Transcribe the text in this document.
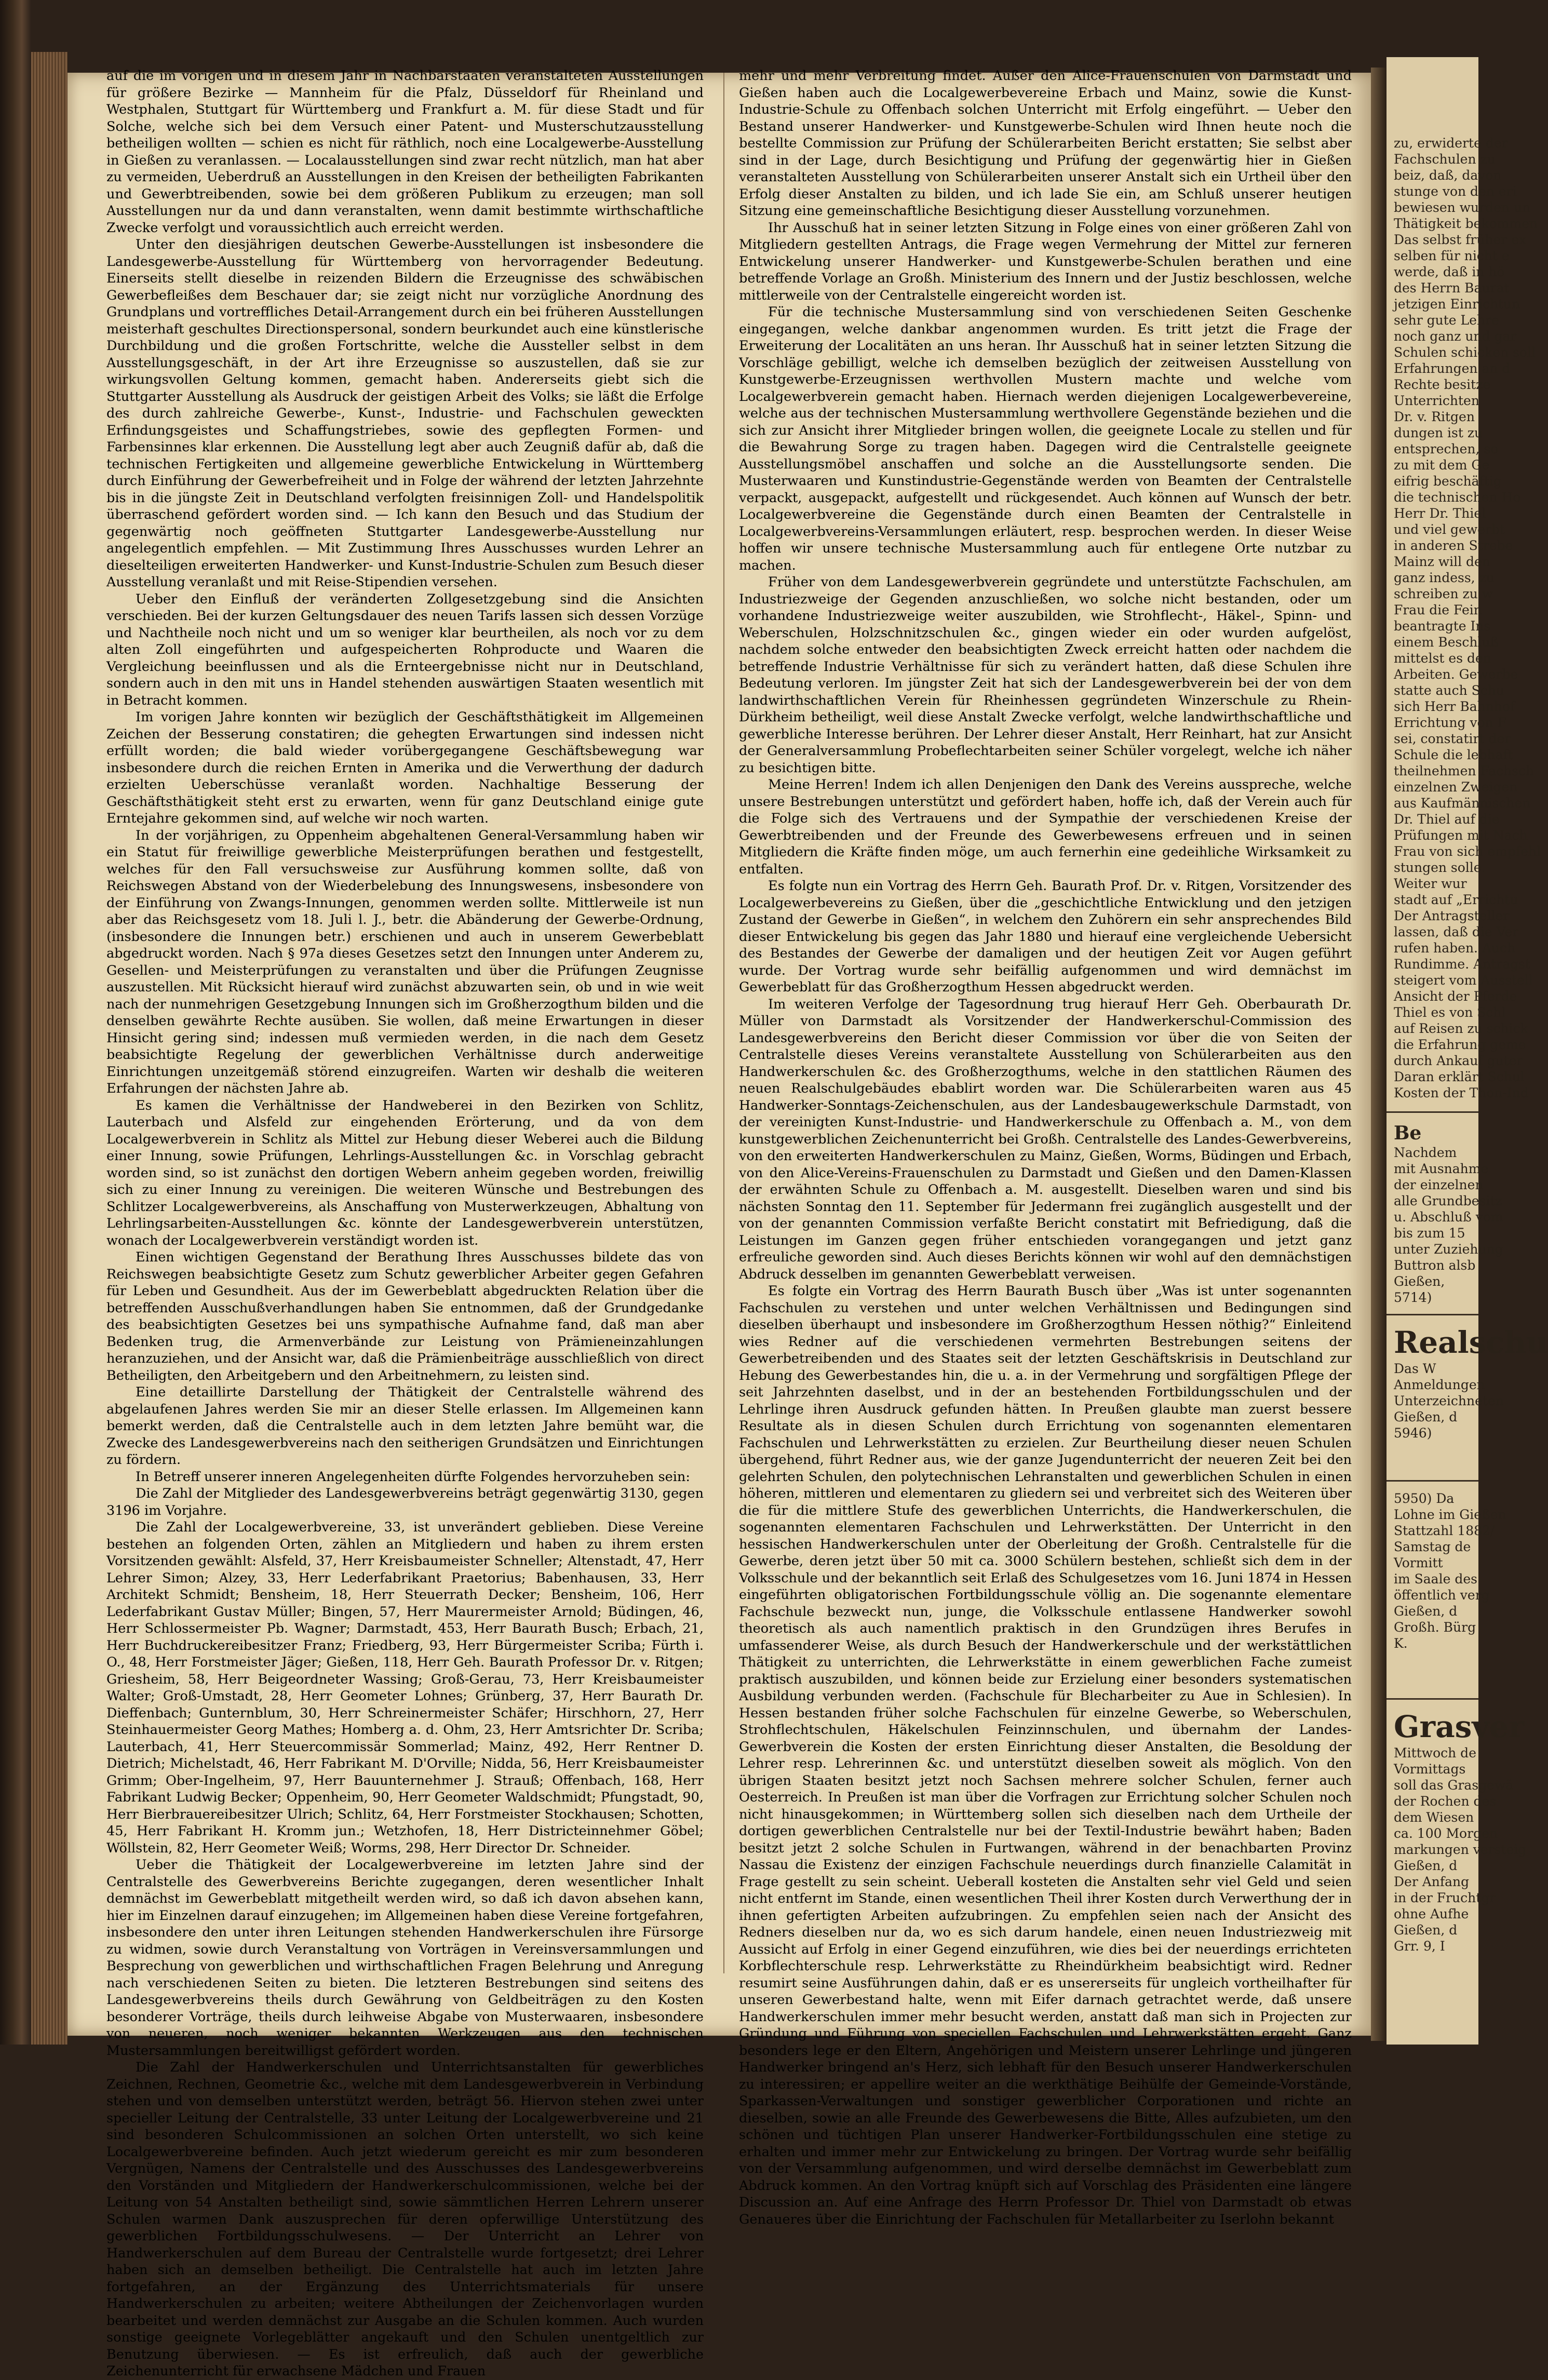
auf die im vorigen und in diesem Jahr in Nachbarstaaten veranstalteten Ausstellungen für größere Bezirke — Mannheim für die Pfalz, Düsseldorf für Rheinland und Westphalen, Stuttgart für Württemberg und Frankfurt a. M. für diese Stadt und für Solche, welche sich bei dem Versuch einer Patent- und Musterschutzausstellung betheiligen wollten — schien es nicht für räthlich, noch eine Localgewerbe-Ausstellung in Gießen zu veranlassen. — Localausstellungen sind zwar recht nützlich, man hat aber zu vermeiden, Ueberdruß an Ausstellungen in den Kreisen der betheiligten Fabrikanten und Gewerbtreibenden, sowie bei dem größeren Publikum zu erzeugen; man soll Ausstellungen nur da und dann veranstalten, wenn damit bestimmte wirthschaftliche Zwecke verfolgt und voraussichtlich auch erreicht werden.

Unter den diesjährigen deutschen Gewerbe-Ausstellungen ist insbesondere die Landesgewerbe-Ausstellung für Württemberg von hervorragender Bedeutung. Einerseits stellt dieselbe in reizenden Bildern die Erzeugnisse des schwäbischen Gewerbefleißes dem Beschauer dar; sie zeigt nicht nur vorzügliche Anordnung des Grundplans und vortreffliches Detail-Arrangement durch ein bei früheren Ausstellungen meisterhaft geschultes Directionspersonal, sondern beurkundet auch eine künstlerische Durchbildung und die großen Fortschritte, welche die Aussteller selbst in dem Ausstellungsgeschäft, in der Art ihre Erzeugnisse so auszustellen, daß sie zur wirkungsvollen Geltung kommen, gemacht haben. Andererseits giebt sich die Stuttgarter Ausstellung als Ausdruck der geistigen Arbeit des Volks; sie läßt die Erfolge des durch zahlreiche Gewerbe-, Kunst-, Industrie- und Fachschulen geweckten Erfindungsgeistes und Schaffungstriebes, sowie des gepflegten Formen- und Farbensinnes klar erkennen. Die Ausstellung legt aber auch Zeugniß dafür ab, daß die technischen Fertigkeiten und allgemeine gewerbliche Entwickelung in Württemberg durch Einführung der Gewerbefreiheit und in Folge der während der letzten Jahrzehnte bis in die jüngste Zeit in Deutschland verfolgten freisinnigen Zoll- und Handelspolitik überraschend gefördert worden sind. — Ich kann den Besuch und das Studium der gegenwärtig noch geöffneten Stuttgarter Landesgewerbe-Ausstellung nur angelegentlich empfehlen. — Mit Zustimmung Ihres Ausschusses wurden Lehrer an dieselteiligen erweiterten Handwerker- und Kunst-Industrie-Schulen zum Besuch dieser Ausstellung veranlaßt und mit Reise-Stipendien versehen.

Ueber den Einfluß der veränderten Zollgesetzgebung sind die Ansichten verschieden. Bei der kurzen Geltungsdauer des neuen Tarifs lassen sich dessen Vorzüge und Nachtheile noch nicht und um so weniger klar beurtheilen, als noch vor zu dem alten Zoll eingeführten und aufgespeicherten Rohproducte und Waaren die Vergleichung beeinflussen und als die Ernteergebnisse nicht nur in Deutschland, sondern auch in den mit uns in Handel stehenden auswärtigen Staaten wesentlich mit in Betracht kommen.

Im vorigen Jahre konnten wir bezüglich der Geschäftsthätigkeit im Allgemeinen Zeichen der Besserung constatiren; die gehegten Erwartungen sind indessen nicht erfüllt worden; die bald wieder vorübergegangene Geschäftsbewegung war insbesondere durch die reichen Ernten in Amerika und die Verwerthung der dadurch erzielten Ueberschüsse veranlaßt worden. Nachhaltige Besserung der Geschäftsthätigkeit steht erst zu erwarten, wenn für ganz Deutschland einige gute Erntejahre gekommen sind, auf welche wir noch warten.

In der vorjährigen, zu Oppenheim abgehaltenen General-Versammlung haben wir ein Statut für freiwillige gewerbliche Meisterprüfungen berathen und festgestellt, welches für den Fall versuchsweise zur Ausführung kommen sollte, daß von Reichswegen Abstand von der Wiederbelebung des Innungswesens, insbesondere von der Einführung von Zwangs-Innungen, genommen werden sollte. Mittlerweile ist nun aber das Reichsgesetz vom 18. Juli l. J., betr. die Abänderung der Gewerbe-Ordnung, (insbesondere die Innungen betr.) erschienen und auch in unserem Gewerbeblatt abgedruckt worden. Nach § 97a dieses Gesetzes setzt den Innungen unter Anderem zu, Gesellen- und Meisterprüfungen zu veranstalten und über die Prüfungen Zeugnisse auszustellen. Mit Rücksicht hierauf wird zunächst abzuwarten sein, ob und in wie weit nach der nunmehrigen Gesetzgebung Innungen sich im Großherzogthum bilden und die denselben gewährte Rechte ausüben. Sie wollen, daß meine Erwartungen in dieser Hinsicht gering sind; indessen muß vermieden werden, in die nach dem Gesetz beabsichtigte Regelung der gewerblichen Verhältnisse durch anderweitige Einrichtungen unzeitgemäß störend einzugreifen. Warten wir deshalb die weiteren Erfahrungen der nächsten Jahre ab.

Es kamen die Verhältnisse der Handweberei in den Bezirken von Schlitz, Lauterbach und Alsfeld zur eingehenden Erörterung, und da von dem Localgewerbverein in Schlitz als Mittel zur Hebung dieser Weberei auch die Bildung einer Innung, sowie Prüfungen, Lehrlings-Ausstellungen &c. in Vorschlag gebracht worden sind, so ist zunächst den dortigen Webern anheim gegeben worden, freiwillig sich zu einer Innung zu vereinigen. Die weiteren Wünsche und Bestrebungen des Schlitzer Localgewerbvereins, als Anschaffung von Musterwerkzeugen, Abhaltung von Lehrlingsarbeiten-Ausstellungen &c. könnte der Landesgewerbverein unterstützen, wonach der Localgewerbverein verständigt worden ist.

Einen wichtigen Gegenstand der Berathung Ihres Ausschusses bildete das von Reichswegen beabsichtigte Gesetz zum Schutz gewerblicher Arbeiter gegen Gefahren für Leben und Gesundheit. Aus der im Gewerbeblatt abgedruckten Relation über die betreffenden Ausschußverhandlungen haben Sie entnommen, daß der Grundgedanke des beabsichtigten Gesetzes bei uns sympathische Aufnahme fand, daß man aber Bedenken trug, die Armenverbände zur Leistung von Prämieneinzahlungen heranzuziehen, und der Ansicht war, daß die Prämienbeiträge ausschließlich von direct Betheiligten, den Arbeitgebern und den Arbeitnehmern, zu leisten sind.

Eine detaillirte Darstellung der Thätigkeit der Centralstelle während des abgelaufenen Jahres werden Sie mir an dieser Stelle erlassen. Im Allgemeinen kann bemerkt werden, daß die Centralstelle auch in dem letzten Jahre bemüht war, die Zwecke des Landesgewerbvereins nach den seitherigen Grundsätzen und Einrichtungen zu fördern.

In Betreff unserer inneren Angelegenheiten dürfte Folgendes hervorzuheben sein:

Die Zahl der Mitglieder des Landesgewerbvereins beträgt gegenwärtig 3130, gegen 3196 im Vorjahre.

Die Zahl der Localgewerbvereine, 33, ist unverändert geblieben. Diese Vereine bestehen an folgenden Orten, zählen an Mitgliedern und haben zu ihrem ersten Vorsitzenden gewählt: Alsfeld, 37, Herr Kreisbaumeister Schneller; Altenstadt, 47, Herr Lehrer Simon; Alzey, 33, Herr Lederfabrikant Praetorius; Babenhausen, 33, Herr Architekt Schmidt; Bensheim, 18, Herr Steuerrath Decker; Bensheim, 106, Herr Lederfabrikant Gustav Müller; Bingen, 57, Herr Maurermeister Arnold; Büdingen, 46, Herr Schlossermeister Pb. Wagner; Darmstadt, 453, Herr Baurath Busch; Erbach, 21, Herr Buchdruckereibesitzer Franz; Friedberg, 93, Herr Bürgermeister Scriba; Fürth i. O., 48, Herr Forstmeister Jäger; Gießen, 118, Herr Geh. Baurath Professor Dr. v. Ritgen; Griesheim, 58, Herr Beigeordneter Wassing; Groß-Gerau, 73, Herr Kreisbaumeister Walter; Groß-Umstadt, 28, Herr Geometer Lohnes; Grünberg, 37, Herr Baurath Dr. Dieffenbach; Gunternblum, 30, Herr Schreinermeister Schäfer; Hirschhorn, 27, Herr Steinhauermeister Georg Mathes; Homberg a. d. Ohm, 23, Herr Amtsrichter Dr. Scriba; Lauterbach, 41, Herr Steuercommissär Sommerlad; Mainz, 492, Herr Rentner D. Dietrich; Michelstadt, 46, Herr Fabrikant M. D'Orville; Nidda, 56, Herr Kreisbaumeister Grimm; Ober-Ingelheim, 97, Herr Bauunternehmer J. Strauß; Offenbach, 168, Herr Fabrikant Ludwig Becker; Oppenheim, 90, Herr Geometer Waldschmidt; Pfungstadt, 90, Herr Bierbrauereibesitzer Ulrich; Schlitz, 64, Herr Forstmeister Stockhausen; Schotten, 45, Herr Fabrikant H. Kromm jun.; Wetzhofen, 18, Herr Districteinnehmer Göbel; Wöllstein, 82, Herr Geometer Weiß; Worms, 298, Herr Director Dr. Schneider.

Ueber die Thätigkeit der Localgewerbvereine im letzten Jahre sind der Centralstelle des Gewerbvereins Berichte zugegangen, deren wesentlicher Inhalt demnächst im Gewerbeblatt mitgetheilt werden wird, so daß ich davon absehen kann, hier im Einzelnen darauf einzugehen; im Allgemeinen haben diese Vereine fortgefahren, insbesondere den unter ihren Leitungen stehenden Handwerkerschulen ihre Fürsorge zu widmen, sowie durch Veranstaltung von Vorträgen in Vereinsversammlungen und Besprechung von gewerblichen und wirthschaftlichen Fragen Belehrung und Anregung nach verschiedenen Seiten zu bieten. Die letzteren Bestrebungen sind seitens des Landesgewerbvereins theils durch Gewährung von Geldbeiträgen zu den Kosten besonderer Vorträge, theils durch leihweise Abgabe von Musterwaaren, insbesondere von neueren, noch weniger bekannten Werkzeugen aus den technischen Mustersammlungen bereitwilligst gefördert worden.

Die Zahl der Handwerkerschulen und Unterrichtsanstalten für gewerbliches Zeichnen, Rechnen, Geometrie &c., welche mit dem Landesgewerbverein in Verbindung stehen und von demselben unterstützt werden, beträgt 56. Hiervon stehen zwei unter specieller Leitung der Centralstelle, 33 unter Leitung der Localgewerbvereine und 21 sind besonderen Schulcommissionen an solchen Orten unterstellt, wo sich keine Localgewerbvereine befinden. Auch jetzt wiederum gereicht es mir zum besonderen Vergnügen, Namens der Centralstelle und des Ausschusses des Landesgewerbvereins den Vorständen und Mitgliedern der Handwerkerschulcommissionen, welche bei der Leitung von 54 Anstalten betheiligt sind, sowie sämmtlichen Herren Lehrern unserer Schulen warmen Dank auszusprechen für deren opferwillige Unterstützung des gewerblichen Fortbildungsschulwesens. — Der Unterricht an Lehrer von Handwerkerschulen auf dem Bureau der Centralstelle wurde fortgesetzt; drei Lehrer haben sich an demselben betheiligt. Die Centralstelle hat auch im letzten Jahre fortgefahren, an der Ergänzung des Unterrichtsmaterials für unsere Handwerkerschulen zu arbeiten; weitere Abtheilungen der Zeichenvorlagen wurden bearbeitet und werden demnächst zur Ausgabe an die Schulen kommen. Auch wurden sonstige geeignete Vorlegeblätter angekauft und den Schulen unentgeltlich zur Benutzung überwiesen. — Es ist erfreulich, daß auch der gewerbliche Zeichenunterricht für erwachsene Mädchen und Frauen

mehr und mehr Verbreitung findet. Außer den Alice-Frauenschulen von Darmstadt und Gießen haben auch die Localgewerbevereine Erbach und Mainz, sowie die Kunst-Industrie-Schule zu Offenbach solchen Unterricht mit Erfolg eingeführt. — Ueber den Bestand unserer Handwerker- und Kunstgewerbe-Schulen wird Ihnen heute noch die bestellte Commission zur Prüfung der Schülerarbeiten Bericht erstatten; Sie selbst aber sind in der Lage, durch Besichtigung und Prüfung der gegenwärtig hier in Gießen veranstalteten Ausstellung von Schülerarbeiten unserer Anstalt sich ein Urtheil über den Erfolg dieser Anstalten zu bilden, und ich lade Sie ein, am Schluß unserer heutigen Sitzung eine gemeinschaftliche Besichtigung dieser Ausstellung vorzunehmen.

Ihr Ausschuß hat in seiner letzten Sitzung in Folge eines von einer größeren Zahl von Mitgliedern gestellten Antrags, die Frage wegen Vermehrung der Mittel zur ferneren Entwickelung unserer Handwerker- und Kunstgewerbe-Schulen berathen und eine betreffende Vorlage an Großh. Ministerium des Innern und der Justiz beschlossen, welche mittlerweile von der Centralstelle eingereicht worden ist.

Für die technische Mustersammlung sind von verschiedenen Seiten Geschenke eingegangen, welche dankbar angenommen wurden. Es tritt jetzt die Frage der Erweiterung der Localitäten an uns heran. Ihr Ausschuß hat in seiner letzten Sitzung die Vorschläge gebilligt, welche ich demselben bezüglich der zeitweisen Ausstellung von Kunstgewerbe-Erzeugnissen werthvollen Mustern machte und welche vom Localgewerbverein gemacht haben. Hiernach werden diejenigen Localgewerbevereine, welche aus der technischen Mustersammlung werthvollere Gegenstände beziehen und die sich zur Ansicht ihrer Mitglieder bringen wollen, die geeignete Locale zu stellen und für die Bewahrung Sorge zu tragen haben. Dagegen wird die Centralstelle geeignete Ausstellungsmöbel anschaffen und solche an die Ausstellungsorte senden. Die Musterwaaren und Kunstindustrie-Gegenstände werden von Beamten der Centralstelle verpackt, ausgepackt, aufgestellt und rückgesendet. Auch können auf Wunsch der betr. Localgewerbvereine die Gegenstände durch einen Beamten der Centralstelle in Localgewerbvereins-Versammlungen erläutert, resp. besprochen werden. In dieser Weise hoffen wir unsere technische Mustersammlung auch für entlegene Orte nutzbar zu machen.

Früher von dem Landesgewerbverein gegründete und unterstützte Fachschulen, am Industriezweige der Gegenden anzuschließen, wo solche nicht bestanden, oder um vorhandene Industriezweige weiter auszubilden, wie Strohflecht-, Häkel-, Spinn- und Weberschulen, Holzschnitzschulen &c., gingen wieder ein oder wurden aufgelöst, nachdem solche entweder den beabsichtigten Zweck erreicht hatten oder nachdem die betreffende Industrie Verhältnisse für sich zu verändert hatten, daß diese Schulen ihre Bedeutung verloren. Im jüngster Zeit hat sich der Landesgewerbverein bei der von dem landwirthschaftlichen Verein für Rheinhessen gegründeten Winzerschule zu Rhein-Dürkheim betheiligt, weil diese Anstalt Zwecke verfolgt, welche landwirthschaftliche und gewerbliche Interesse berühren. Der Lehrer dieser Anstalt, Herr Reinhart, hat zur Ansicht der Generalversammlung Probeflechtarbeiten seiner Schüler vorgelegt, welche ich näher zu besichtigen bitte.

Meine Herren! Indem ich allen Denjenigen den Dank des Vereins ausspreche, welche unsere Bestrebungen unterstützt und gefördert haben, hoffe ich, daß der Verein auch für die Folge sich des Vertrauens und der Sympathie der verschiedenen Kreise der Gewerbtreibenden und der Freunde des Gewerbewesens erfreuen und in seinen Mitgliedern die Kräfte finden möge, um auch fernerhin eine gedeihliche Wirksamkeit zu entfalten.

Es folgte nun ein Vortrag des Herrn Geh. Baurath Prof. Dr. v. Ritgen, Vorsitzender des Localgewerbevereins zu Gießen, über die „geschichtliche Entwicklung und den jetzigen Zustand der Gewerbe in Gießen“, in welchem den Zuhörern ein sehr ansprechendes Bild dieser Entwickelung bis gegen das Jahr 1880 und hierauf eine vergleichende Uebersicht des Bestandes der Gewerbe der damaligen und der heutigen Zeit vor Augen geführt wurde. Der Vortrag wurde sehr beifällig aufgenommen und wird demnächst im Gewerbeblatt für das Großherzogthum Hessen abgedruckt werden.

Im weiteren Verfolge der Tagesordnung trug hierauf Herr Geh. Oberbaurath Dr. Müller von Darmstadt als Vorsitzender der Handwerkerschul-Commission des Landesgewerbvereins den Bericht dieser Commission vor über die von Seiten der Centralstelle dieses Vereins veranstaltete Ausstellung von Schülerarbeiten aus den Handwerkerschulen &c. des Großherzogthums, welche in den stattlichen Räumen des neuen Realschulgebäudes ebablirt worden war. Die Schülerarbeiten waren aus 45 Handwerker-Sonntags-Zeichenschulen, aus der Landesbaugewerkschule Darmstadt, von der vereinigten Kunst-Industrie- und Handwerkerschule zu Offenbach a. M., von dem kunstgewerblichen Zeichenunterricht bei Großh. Centralstelle des Landes-Gewerbvereins, von den erweiterten Handwerkerschulen zu Mainz, Gießen, Worms, Büdingen und Erbach, von den Alice-Vereins-Frauenschulen zu Darmstadt und Gießen und den Damen-Klassen der erwähnten Schule zu Offenbach a. M. ausgestellt. Dieselben waren und sind bis nächsten Sonntag den 11. September für Jedermann frei zugänglich ausgestellt und der von der genannten Commission verfaßte Bericht constatirt mit Befriedigung, daß die Leistungen im Ganzen gegen früher entschieden vorangegangen und jetzt ganz erfreuliche geworden sind. Auch dieses Berichts können wir wohl auf den demnächstigen Abdruck desselben im genannten Gewerbeblatt verweisen.

Es folgte ein Vortrag des Herrn Baurath Busch über „Was ist unter sogenannten Fachschulen zu verstehen und unter welchen Verhältnissen und Bedingungen sind dieselben überhaupt und insbesondere im Großherzogthum Hessen nöthig?“ Einleitend wies Redner auf die verschiedenen vermehrten Bestrebungen seitens der Gewerbetreibenden und des Staates seit der letzten Geschäftskrisis in Deutschland zur Hebung des Gewerbestandes hin, die u. a. in der Vermehrung und sorgfältigen Pflege der seit Jahrzehnten daselbst, und in der an bestehenden Fortbildungsschulen und der Lehrlinge ihren Ausdruck gefunden hätten. In Preußen glaubte man zuerst bessere Resultate als in diesen Schulen durch Errichtung von sogenannten elementaren Fachschulen und Lehrwerkstätten zu erzielen. Zur Beurtheilung dieser neuen Schulen übergehend, führt Redner aus, wie der ganze Jugendunterricht der neueren Zeit bei den gelehrten Schulen, den polytechnischen Lehranstalten und gewerblichen Schulen in einen höheren, mittleren und elementaren zu gliedern sei und verbreitet sich des Weiteren über die für die mittlere Stufe des gewerblichen Unterrichts, die Handwerkerschulen, die sogenannten elementaren Fachschulen und Lehrwerkstätten. Der Unterricht in den hessischen Handwerkerschulen unter der Oberleitung der Großh. Centralstelle für die Gewerbe, deren jetzt über 50 mit ca. 3000 Schülern bestehen, schließt sich dem in der Volksschule und der bekanntlich seit Erlaß des Schulgesetzes vom 16. Juni 1874 in Hessen eingeführten obligatorischen Fortbildungsschule völlig an. Die sogenannte elementare Fachschule bezweckt nun, junge, die Volksschule entlassene Handwerker sowohl theoretisch als auch namentlich praktisch in den Grundzügen ihres Berufes in umfassenderer Weise, als durch Besuch der Handwerkerschule und der werkstättlichen Thätigkeit zu unterrichten, die Lehrwerkstätte in einem gewerblichen Fache zumeist praktisch auszubilden, und können beide zur Erzielung einer besonders systematischen Ausbildung verbunden werden. (Fachschule für Blecharbeiter zu Aue in Schlesien). In Hessen bestanden früher solche Fachschulen für einzelne Gewerbe, so Weberschulen, Strohflechtschulen, Häkelschulen Feinzinnschulen, und übernahm der Landes-Gewerbverein die Kosten der ersten Einrichtung dieser Anstalten, die Besoldung der Lehrer resp. Lehrerinnen &c. und unterstützt dieselben soweit als möglich. Von den übrigen Staaten besitzt jetzt noch Sachsen mehrere solcher Schulen, ferner auch Oesterreich. In Preußen ist man über die Vorfragen zur Errichtung solcher Schulen noch nicht hinausgekommen; in Württemberg sollen sich dieselben nach dem Urtheile der dortigen gewerblichen Centralstelle nur bei der Textil-Industrie bewährt haben; Baden besitzt jetzt 2 solche Schulen in Furtwangen, während in der benachbarten Provinz Nassau die Existenz der einzigen Fachschule neuerdings durch finanzielle Calamität in Frage gestellt zu sein scheint. Ueberall kosteten die Anstalten sehr viel Geld und seien nicht entfernt im Stande, einen wesentlichen Theil ihrer Kosten durch Verwerthung der in ihnen gefertigten Arbeiten aufzubringen. Zu empfehlen seien nach der Ansicht des Redners dieselben nur da, wo es sich darum handele, einen neuen Industriezweig mit Aussicht auf Erfolg in einer Gegend einzuführen, wie dies bei der neuerdings errichteten Korbflechterschule resp. Lehrwerkstätte zu Rheindürkheim beabsichtigt wird. Redner resumirt seine Ausführungen dahin, daß er es unsererseits für ungleich vortheilhafter für unseren Gewerbestand halte, wenn mit Eifer darnach getrachtet werde, daß unsere Handwerkerschulen immer mehr besucht werden, anstatt daß man sich in Projecten zur Gründung und Führung von speciellen Fachschulen und Lehrwerkstätten ergeht. Ganz besonders lege er den Eltern, Angehörigen und Meistern unserer Lehrlinge und jüngeren Handwerker bringend an's Herz, sich lebhaft für den Besuch unserer Handwerkerschulen zu interessiren; er appellire weiter an die werkthätige Beihülfe der Gemeinde-Vorstände, Sparkassen-Verwaltungen und sonstiger gewerblicher Corporationen und richte an dieselben, sowie an alle Freunde des Gewerbewesens die Bitte, Alles aufzubieten, um den schönen und tüchtigen Plan unserer Handwerker-Fortbildungsschulen eine stetige zu erhalten und immer mehr zur Entwickelung zu bringen. Der Vortrag wurde sehr beifällig von der Versammlung aufgenommen, und wird derselbe demnächst im Gewerbeblatt zum Abdruck kommen. An den Vortrag knüpft sich auf Vorschlag des Präsidenten eine längere Discussion an. Auf eine Anfrage des Herrn Professor Dr. Thiel von Darmstadt ob etwas Genaueres über die Einrichtung der Fachschulen für Metallarbeiter zu Iserlohn bekannt

zu, erwiderte der
Fachschulen zu
beiz, daß, davon
stunge von den eri
bewiesen wurden un
Thätigkeit bekommen
Das selbst früher ex
selben für nicht e
werde, daß in hö
des Herrn Baurat
jetzigen Einrichtun
sehr gute Lehre
noch ganz und gar
Schulen schicken soll
Erfahrungen an d
Rechte besitze
Unterrichten
Dr. v. Ritgen
dungen ist zu
entsprechen, so
zu mit dem Ge
eifrig beschäftig
die technischen Ho
Herr Dr. Thiel
und viel gewerbt
in anderen Strebe
Mainz will den
ganz indess, zu
schreiben zu w
Frau die Fein
beantragte Ins
einem Beschluß
mittelst es den
Arbeiten. Gewerbe
statte auch Schu
sich Herr Bahnhof
Errichtung von F
sei, constatirt der
Schule die lebhaft
theilnehmen Fachsch
einzelnen Zweigen
aus Kaufmännischen
Dr. Thiel auf die
Prüfungen mit Nach
Frau von sich empfehl
stungen solle.
Weiter wur
stadt auf „Errichtu
Der Antragsteller
lassen, daß die Ver
rufen haben. Auch
Rundimme. Antragst
steigert vom Ausstell
Ansicht der Pferde
Thiel es von Schl
auf Reisen zu schick
die Erfahrung geme
durch Ankauf guter
Daran erklärt Schul
Kosten der Thon-Ind
Be
Nachdem
mit Ausnahme
der einzelnen
alle Grundbesitz
u. Abschluß vom
bis zum 15
unter Zuziehung
Buttron alsb
Gießen,
5714)
Realschu
Das W
Anmeldungen
Unterzeichneten
Gießen, d
5946)
5950) Da
Lohne im Gießen
Stattzahl 1882/
Samstag de
Vormitt
im Saale des
öffentlich verg
Gießen, d
Großh. Bürg
K.
Grasver
Mittwoch de
Vormittags
soll das Grasgewä
der Rochen des
dem Wiesen
ca. 100 Morgen
markungen versteig
Gießen, d
Der Anfang
in der Fruchtgr
ohne Aufhe
Gießen, d
Grr. 9, I
